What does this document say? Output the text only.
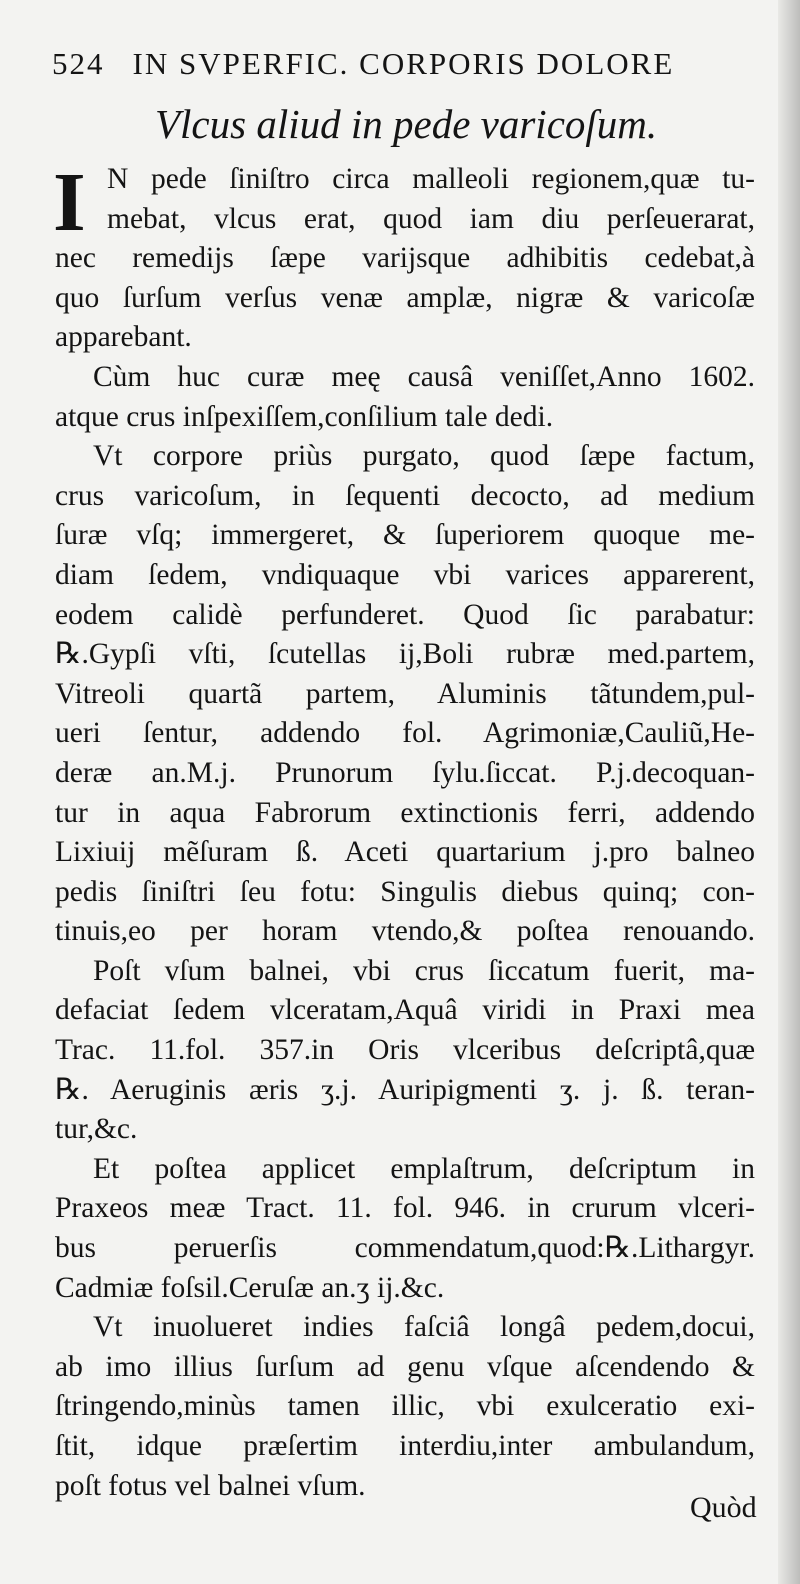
524 IN SVPERFIC. CORPORIS DOLORE
Vlcus aliud in pede varicoſum.
I N pede ſiniſtro circa malleoli regionem,quæ tu-
mebat, vlcus erat, quod iam diu perſeuerarat,
nec remedijs ſæpe varijsque adhibitis cedebat,à
quo ſurſum verſus venæ amplæ, nigræ & varicoſæ
apparebant.
Cùm huc curæ meę causâ veniſſet,Anno 1602.
atque crus inſpexiſſem,conſilium tale dedi.
Vt corpore priùs purgato, quod ſæpe factum,
crus varicoſum, in ſequenti decocto, ad medium
ſuræ vſq; immergeret, & ſuperiorem quoque me-
diam ſedem, vndiquaque vbi varices apparerent,
eodem calidè perfunderet. Quod ſic parabatur:
℞.Gypſi vſti, ſcutellas ij,Boli rubræ med.partem,
Vitreoli quartã partem, Aluminis tãtundem,pul-
ueri ſentur, addendo fol. Agrimoniæ,Cauliũ,He-
deræ an.M.j. Prunorum ſylu.ſiccat. P.j.decoquan-
tur in aqua Fabrorum extinctionis ferri, addendo
Lixiuij mẽſuram ß. Aceti quartarium j.pro balneo
pedis ſiniſtri ſeu fotu: Singulis diebus quinq; con-
tinuis,eo per horam vtendo,& poſtea renouando.
Poſt vſum balnei, vbi crus ſiccatum fuerit, ma-
defaciat ſedem vlceratam,Aquâ viridi in Praxi mea
Trac. 11.fol. 357.in Oris vlceribus deſcriptâ,quæ
℞. Aeruginis æris ʒ.j. Auripigmenti ʒ. j. ß. teran-
tur,&c.
Et poſtea applicet emplaſtrum, deſcriptum in
Praxeos meæ Tract. 11. fol. 946. in crurum vlceri-
bus peruerſis commendatum,quod:℞.Lithargyr.
Cadmiæ foſsil.Ceruſæ an.ʒ ij.&c.
Vt inuolueret indies faſciâ longâ pedem,docui,
ab imo illius ſurſum ad genu vſque aſcendendo &
ſtringendo,minùs tamen illic, vbi exulceratio exi-
ſtit, idque præſertim interdiu,inter ambulandum,
poſt fotus vel balnei vſum.
Quòd
